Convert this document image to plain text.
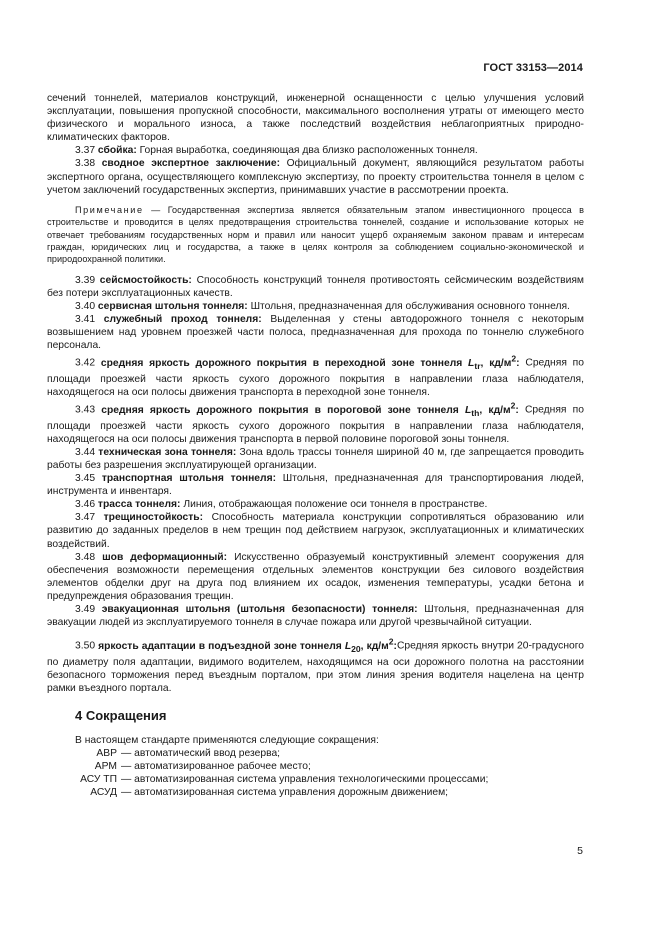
ГОСТ 33153—2014

сечений тоннелей, материалов конструкций, инженерной оснащенности с целью улучшения условий эксплуатации, повышения пропускной способности, максимального восполнения утраты от имеющего место физического и морального износа, а также последствий воздействия неблагоприятных природно-климатических факторов.

3.37 сбойка: Горная выработка, соединяющая два близко расположенных тоннеля.

3.38 сводное экспертное заключение: Официальный документ, являющийся результатом работы экспертного органа, осуществляющего комплексную экспертизу, по проекту строительства тоннеля в целом с учетом заключений государственных экспертиз, принимавших участие в рассмотрении проекта.

Примечание — Государственная экспертиза является обязательным этапом инвестиционного процесса в строительстве и проводится в целях предотвращения строительства тоннелей, создание и использование которых не отвечает требованиям государственных норм и правил или наносит ущерб охраняемым законом правам и интересам граждан, юридических лиц и государства, а также в целях контроля за соблюдением социально-экономической и природоохранной политики.

3.39 сейсмостойкость: Способность конструкций тоннеля противостоять сейсмическим воздействиям без потери эксплуатационных качеств.

3.40 сервисная штольня тоннеля: Штольня, предназначенная для обслуживания основного тоннеля.

3.41 служебный проход тоннеля: Выделенная у стены автодорожного тоннеля с некоторым возвышением над уровнем проезжей части полоса, предназначенная для прохода по тоннелю служебного персонала.

3.42 средняя яркость дорожного покрытия в переходной зоне тоннеля $L_{tr}$, $кд/м^2$: Средняя по площади проезжей части яркость сухого дорожного покрытия в направлении глаза наблюдателя, находящегося на оси полосы движения транспорта в переходной зоне тоннеля.

3.43 средняя яркость дорожного покрытия в пороговой зоне тоннеля $L_{th}$, $кд/м^2$: Средняя по площади проезжей части яркость сухого дорожного покрытия в направлении глаза наблюдателя, находящегося на оси полосы движения транспорта в первой половине пороговой зоны тоннеля.

3.44 техническая зона тоннеля: Зона вдоль трассы тоннеля шириной 40 м, где запрещается проводить работы без разрешения эксплуатирующей организации.

3.45 транспортная штольня тоннеля: Штольня, предназначенная для транспортирования людей, инструмента и инвентаря.

3.46 трасса тоннеля: Линия, отображающая положение оси тоннеля в пространстве.

3.47 трещиностойкость: Способность материала конструкции сопротивляться образованию или развитию до заданных пределов в нем трещин под действием нагрузок, эксплуатационных и климатических воздействий.

3.48 шов деформационный: Искусственно образуемый конструктивный элемент сооружения для обеспечения возможности перемещения отдельных элементов конструкции без силового воздействия элементов обделки друг на друга под влиянием их осадок, изменения температуры, усадки бетона и предупреждения образования трещин.

3.49 эвакуационная штольня (штольня безопасности) тоннеля: Штольня, предназначенная для эвакуации людей из эксплуатируемого тоннеля в случае пожара или другой чрезвычайной ситуации.

3.50 яркость адаптации в подъездной зоне тоннеля $L_{20}$, $кд/м^2:Средняя$ яркость внутри 20-градусного по диаметру поля адаптации, видимого водителем, находящимся на оси дорожного полотна на расстоянии безопасного торможения перед въездным порталом, при этом линия зрения водителя нацелена на центр рамки въездного портала.

4 Сокращения

В настоящем стандарте применяются следующие сокращения:

АВР — автоматический ввод резерва;
АРМ — автоматизированное рабочее место;
АСУ ТП — автоматизированная система управления технологическими процессами;
АСУД — автоматизированная система управления дорожным движением;
5
